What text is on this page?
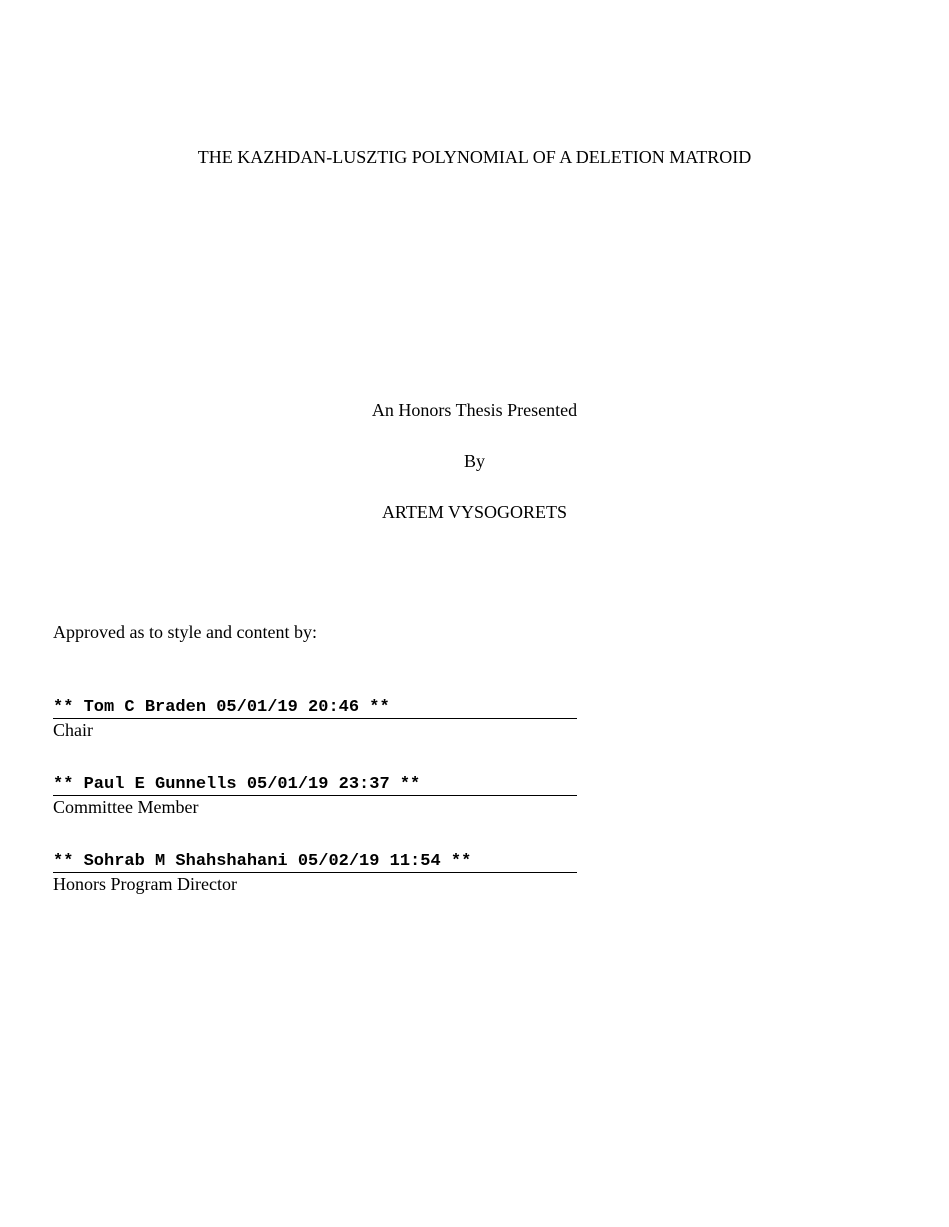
THE KAZHDAN-LUSZTIG POLYNOMIAL OF A DELETION MATROID
An Honors Thesis Presented
By
ARTEM VYSOGORETS
Approved as to style and content by:
** Tom C Braden 05/01/19 20:46 **
Chair
** Paul E Gunnells 05/01/19 23:37 **
Committee Member
** Sohrab M Shahshahani 05/02/19 11:54 **
Honors Program Director
